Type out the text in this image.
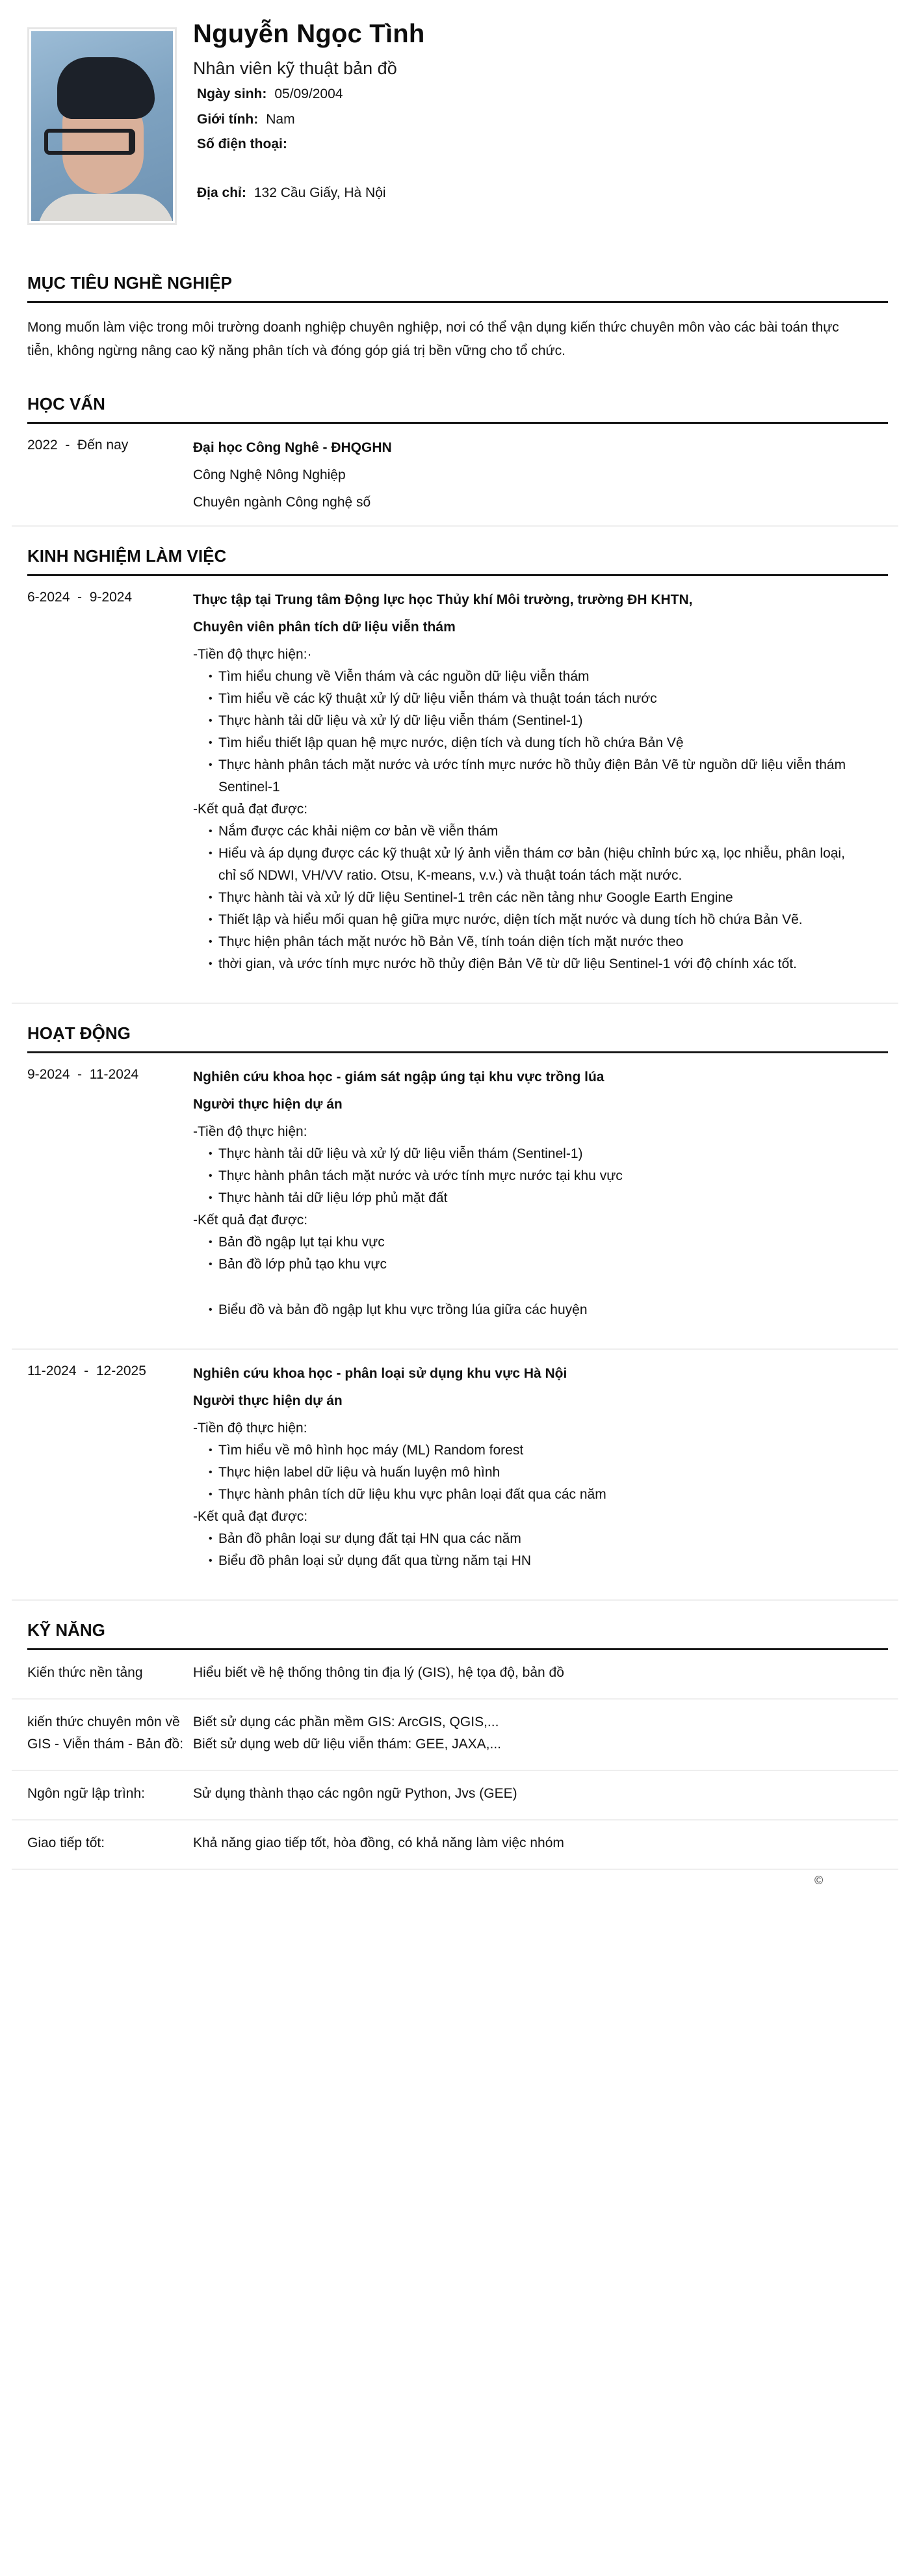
Nguyễn Ngọc Tình
Nhân viên kỹ thuật bản đồ
Ngày sinh: 05/09/2004
Giới tính: Nam
Số điện thoại:
Địa chỉ: 132 Cầu Giấy, Hà Nội
MỤC TIÊU NGHỀ NGHIỆP
Mong muốn làm việc trong môi trường doanh nghiệp chuyên nghiệp, nơi có thể vận dụng kiến thức chuyên môn vào các bài toán thực tiễn, không ngừng nâng cao kỹ năng phân tích và đóng góp giá trị bền vững cho tổ chức.
HỌC VẤN
2022  -  Đến nay	Đại học Công Nghê - ĐHQGHN
Công Nghệ Nông Nghiệp
Chuyên ngành Công nghệ số
KINH NGHIỆM LÀM VIỆC
6-2024  -  9-2024	Thực tập tại Trung tâm Động lực học Thủy khí Môi trường, trường ĐH KHTN,
Chuyên viên phân tích dữ liệu viễn thám
-Tiền độ thực hiện:·
• Tìm hiểu chung về Viễn thám và các nguồn dữ liệu viễn thám
• Tìm hiểu về các kỹ thuật xử lý dữ liệu viễn thám và thuật toán tách nước
• Thực hành tải dữ liệu và xử lý dữ liệu viễn thám (Sentinel-1)
• Tìm hiểu thiết lập quan hệ mực nước, diện tích và dung tích hồ chứa Bản Vệ
• Thực hành phân tách mặt nước và ước tính mực nước hồ thủy điện Bản Vẽ từ nguồn dữ liệu viễn thám Sentinel-1
-Kết quả đạt được:
• Nắm được các khải niệm cơ bản về viễn thám
• Hiểu và áp dụng được các kỹ thuật xử lý ảnh viễn thám cơ bản (hiệu chỉnh bức xạ, lọc nhiễu, phân loại, chỉ số NDWI, VH/VV ratio. Otsu, K-means, v.v.) và thuật toán tách mặt nước.
• Thực hành tài và xử lý dữ liệu Sentinel-1 trên các nền tảng như Google Earth Engine
• Thiết lập và hiểu mối quan hệ giữa mực nước, diện tích mặt nước và dung tích hồ chứa Bản Vẽ.
• Thực hiện phân tách mặt nước hồ Bản Vẽ, tính toán diện tích mặt nước theo
• thời gian, và ước tính mực nước hồ thủy điện Bản Vẽ từ dữ liệu Sentinel-1 với độ chính xác tốt.
HOẠT ĐỘNG
9-2024  -  11-2024	Nghiên cứu khoa học - giám sát ngập úng tại khu vực trồng lúa
Người thực hiện dự án
-Tiền độ thực hiện:
• Thực hành tải dữ liệu và xử lý dữ liệu viễn thám (Sentinel-1)
• Thực hành phân tách mặt nước và ước tính mực nước tại khu vực
• Thực hành tải dữ liệu lớp phủ mặt đất
-Kết quả đạt được:
• Bản đồ ngập lụt tại khu vực
• Bản đồ lớp phủ tạo khu vực
• Biểu đồ và bản đồ ngập lụt khu vực trồng lúa giữa các huyện
11-2024  -  12-2025	Nghiên cứu khoa học - phân loại sử dụng khu vực Hà Nội
Người thực hiện dự án
-Tiền độ thực hiện:
• Tìm hiểu về mô hình học máy (ML) Random forest
• Thực hiện label dữ liệu và huấn luyện mô hình
• Thực hành phân tích dữ liệu khu vực phân loại đất qua các năm
-Kết quả đạt được:
• Bản đồ phân loại sư dụng đất tại HN qua các năm
• Biểu đồ phân loại sử dụng đất qua từng năm tại HN
KỸ NĂNG
Kiến thức nền tảng	Hiểu biết về hệ thống thông tin địa lý (GIS), hệ tọa độ, bản đồ
kiến thức chuyên môn về GIS - Viễn thám - Bản đồ:
Biết sử dụng các phần mềm GIS: ArcGIS, QGIS,...
Biết sử dụng web dữ liệu viễn thám: GEE, JAXA,...
Ngôn ngữ lập trình:	Sử dụng thành thạo các ngôn ngữ Python, Jvs (GEE)
Giao tiếp tốt:	Khả năng giao tiếp tốt, hòa đồng, có khả năng làm việc nhóm
©
